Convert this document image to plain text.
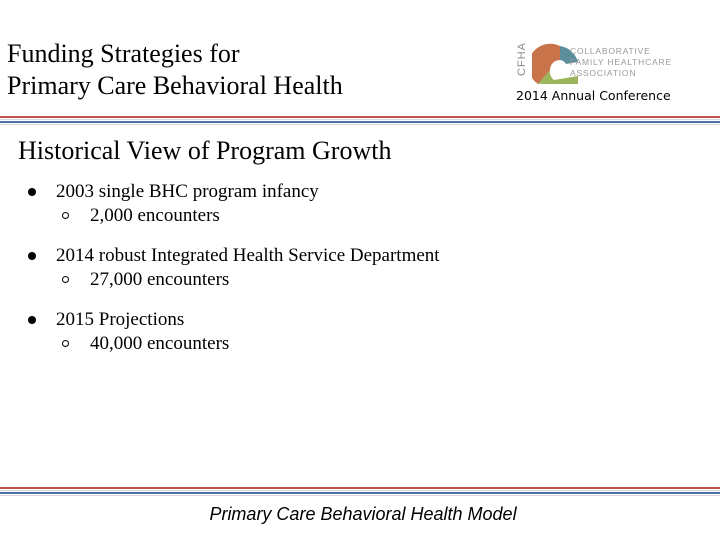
Funding Strategies for
Primary Care Behavioral Health
CFHA	COLLABORATIVE
FAMILY HEALTHCARE
ASSOCIATION
2014 Annual Conference
Historical View of Program Growth
2003 single BHC program infancy
2,000 encounters
2014 robust Integrated Health Service Department
27,000 encounters
2015 Projections
40,000 encounters
Primary Care Behavioral Health Model
